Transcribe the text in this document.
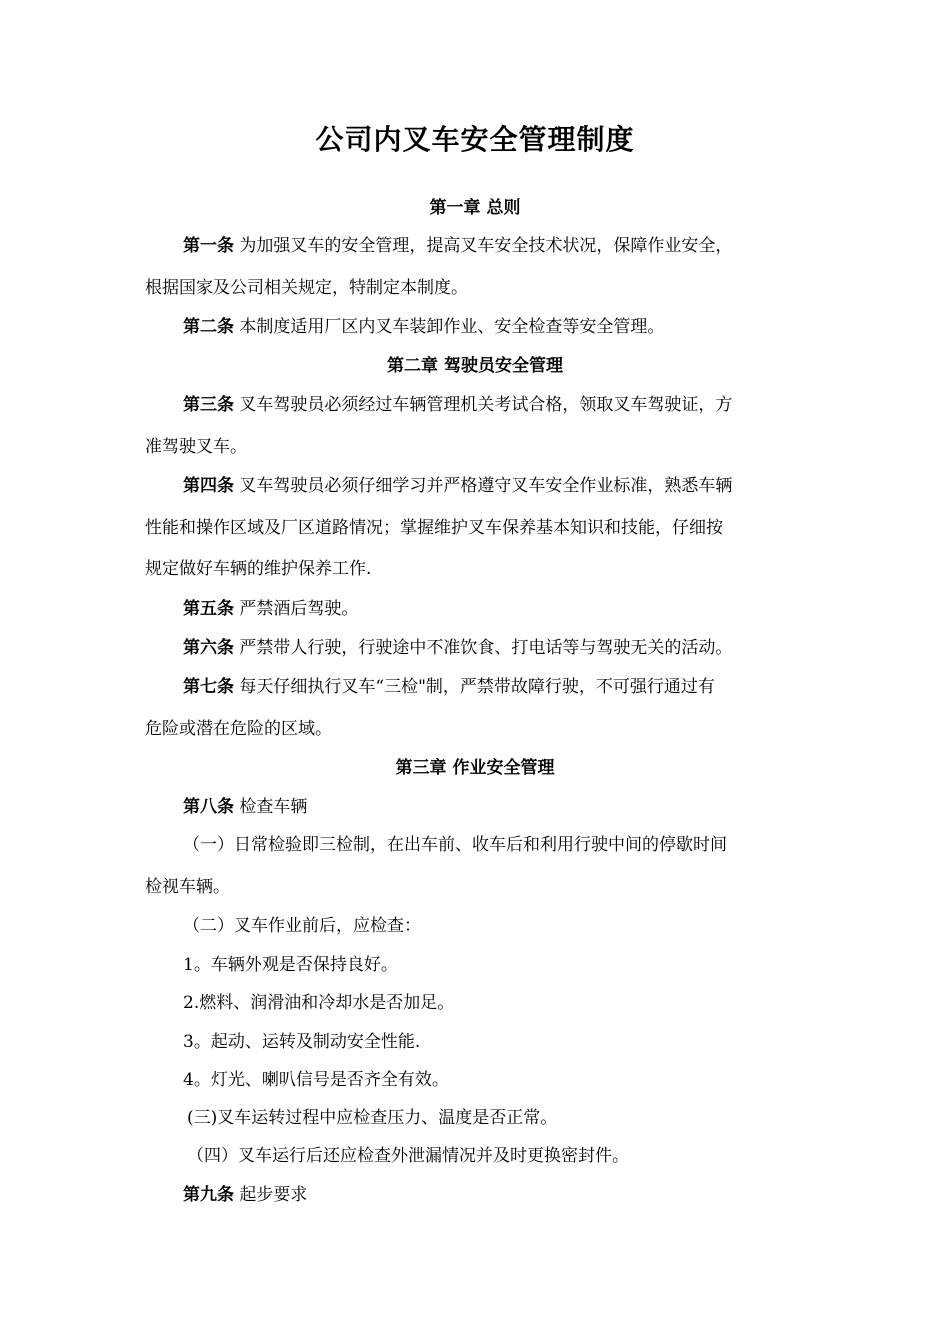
公司内叉车安全管理制度
第一章 总则
第一条 为加强叉车的安全管理，提高叉车安全技术状况，保障作业安全，
根据国家及公司相关规定，特制定本制度。
第二条 本制度适用厂区内叉车装卸作业、安全检查等安全管理。
第二章 驾驶员安全管理
第三条 叉车驾驶员必须经过车辆管理机关考试合格，领取叉车驾驶证，方
准驾驶叉车。
第四条 叉车驾驶员必须仔细学习并严格遵守叉车安全作业标准，熟悉车辆
性能和操作区域及厂区道路情况；掌握维护叉车保养基本知识和技能，仔细按
规定做好车辆的维护保养工作.
第五条 严禁酒后驾驶。
第六条 严禁带人行驶，行驶途中不准饮食、打电话等与驾驶无关的活动。
第七条 每天仔细执行叉车“三检"制，严禁带故障行驶，不可强行通过有
危险或潜在危险的区域。
第三章 作业安全管理
第八条 检查车辆
（一）日常检验即三检制，在出车前、收车后和利用行驶中间的停歇时间
检视车辆。
（二）叉车作业前后，应检查：
1。车辆外观是否保持良好。
2.燃料、润滑油和冷却水是否加足。
3。起动、运转及制动安全性能.
4。灯光、喇叭信号是否齐全有效。
(三)叉车运转过程中应检查压力、温度是否正常。
（四）叉车运行后还应检查外泄漏情况并及时更换密封件。
第九条 起步要求
